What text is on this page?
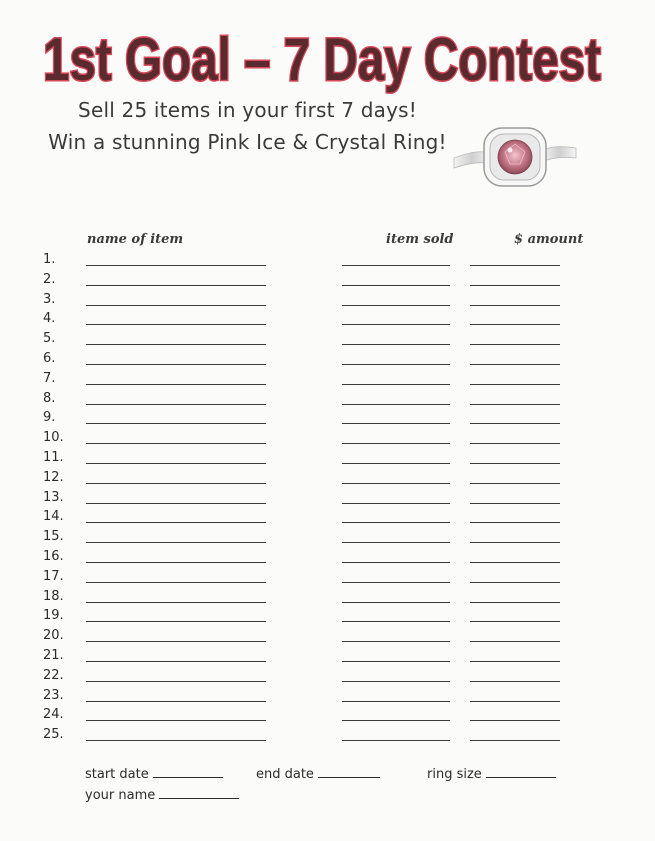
1st Goal – 7 Day Contest
Sell 25 items in your first 7 days!
Win a stunning Pink Ice & Crystal Ring!
name of item	item sold	$ amount
1.
2.
3.
4.
5.
6.
7.
8.
9.
10.
11.
12.
13.
14.
15.
16.
17.
18.
19.
20.
21.
22.
23.
24.
25.
start date	end date	ring size
your name
